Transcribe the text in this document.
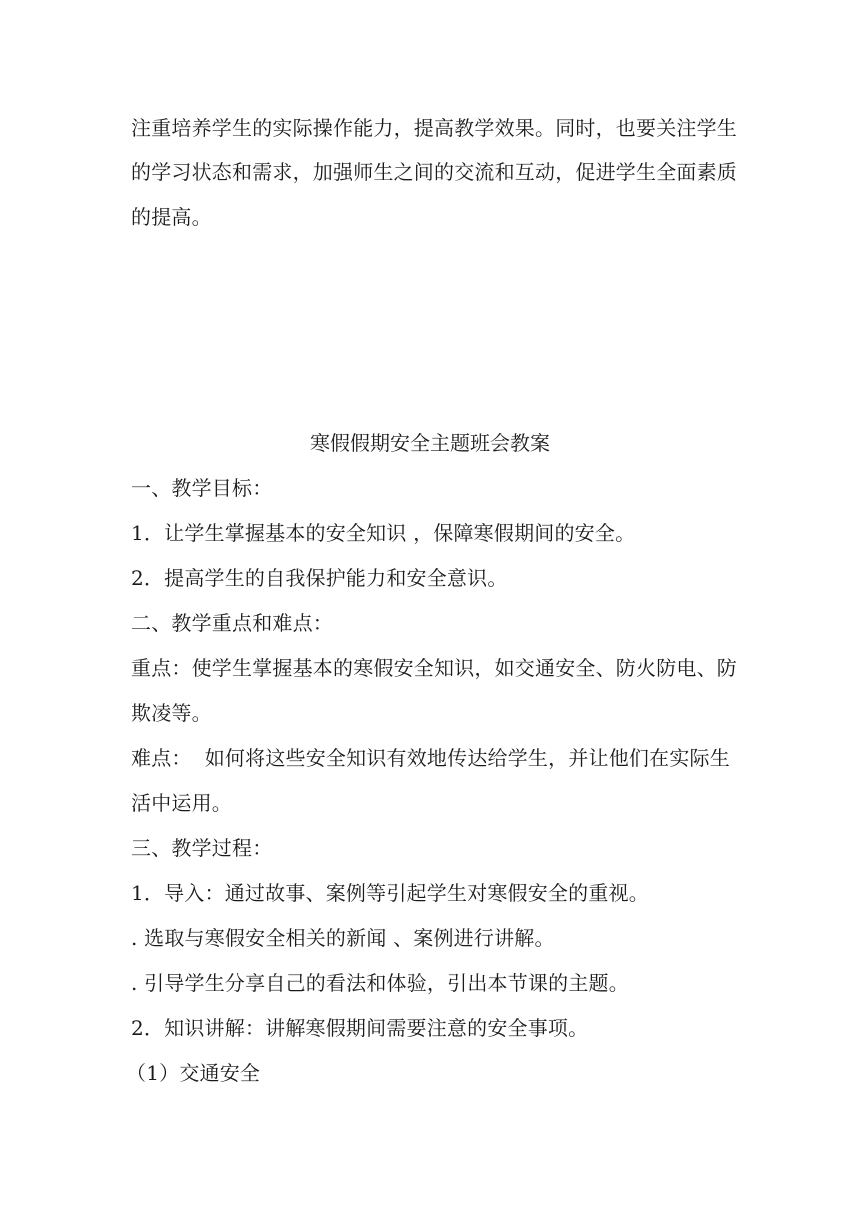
注重培养学生的实际操作能力，提高教学效果。同时，也要关注学生
的学习状态和需求，加强师生之间的交流和互动，促进学生全面素质
的提高。
寒假假期安全主题班会教案
一、教学目标：
1．让学生掌握基本的安全知识 ，保障寒假期间的安全。
2．提高学生的自我保护能力和安全意识。
二、教学重点和难点：
重点：使学生掌握基本的寒假安全知识，如交通安全、防火防电、防
欺凌等。
难点：  如何将这些安全知识有效地传达给学生，并让他们在实际生
活中运用。
三、教学过程：
1．导入：通过故事、案例等引起学生对寒假安全的重视。
. 选取与寒假安全相关的新闻 、案例进行讲解。
. 引导学生分享自己的看法和体验，引出本节课的主题。
2．知识讲解：讲解寒假期间需要注意的安全事项。
（1）交通安全
